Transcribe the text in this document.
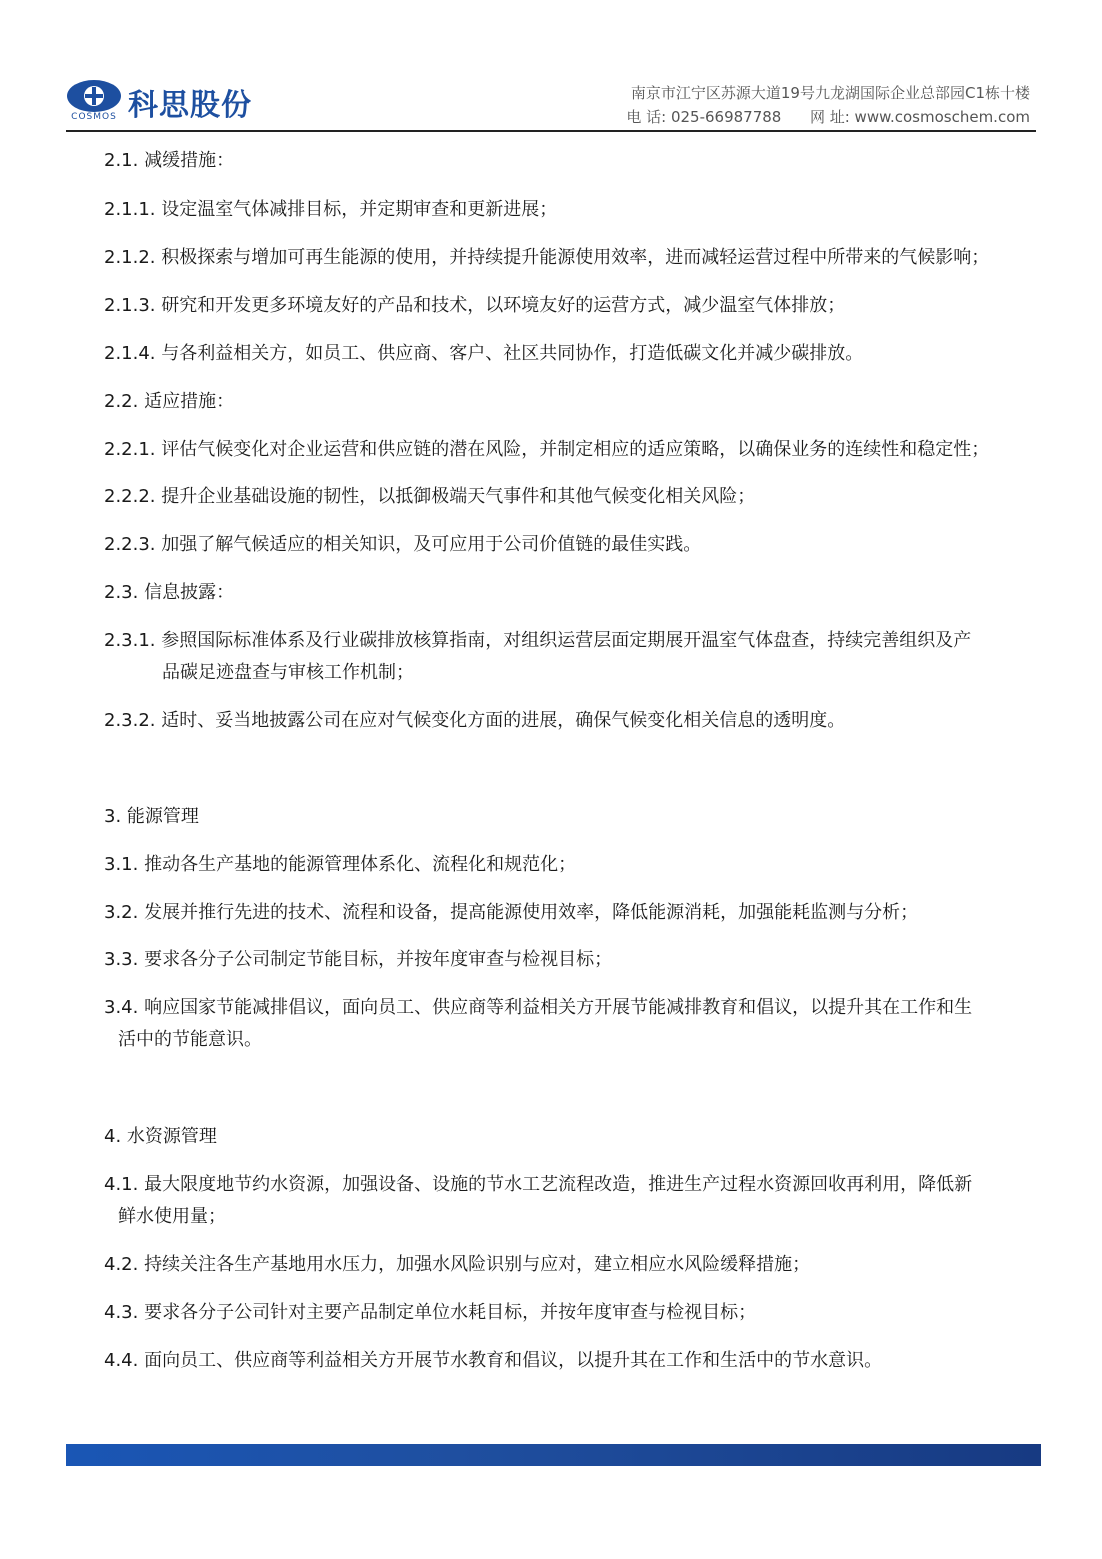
COSMOS 科思股份	南京市江宁区苏源大道19号九龙湖国际企业总部园C1栋十楼
电 话: 025-66987788      网 址: www.cosmoschem.com
2.1. 减缓措施：
2.1.1. 设定温室气体减排目标，并定期审查和更新进展；
2.1.2. 积极探索与增加可再生能源的使用，并持续提升能源使用效率，进而减轻运营过程中所带来的气候影响；
2.1.3. 研究和开发更多环境友好的产品和技术，以环境友好的运营方式，减少温室气体排放；
2.1.4. 与各利益相关方，如员工、供应商、客户、社区共同协作，打造低碳文化并减少碳排放。
2.2. 适应措施：
2.2.1. 评估气候变化对企业运营和供应链的潜在风险，并制定相应的适应策略，以确保业务的连续性和稳定性；
2.2.2. 提升企业基础设施的韧性，以抵御极端天气事件和其他气候变化相关风险；
2.2.3. 加强了解气候适应的相关知识，及可应用于公司价值链的最佳实践。
2.3. 信息披露：
2.3.1. 参照国际标准体系及行业碳排放核算指南，对组织运营层面定期展开温室气体盘查，持续完善组织及产
品碳足迹盘查与审核工作机制；
2.3.2. 适时、妥当地披露公司在应对气候变化方面的进展，确保气候变化相关信息的透明度。
3. 能源管理
3.1. 推动各生产基地的能源管理体系化、流程化和规范化；
3.2. 发展并推行先进的技术、流程和设备，提高能源使用效率，降低能源消耗，加强能耗监测与分析；
3.3. 要求各分子公司制定节能目标，并按年度审查与检视目标；
3.4. 响应国家节能减排倡议，面向员工、供应商等利益相关方开展节能减排教育和倡议，以提升其在工作和生
活中的节能意识。
4. 水资源管理
4.1. 最大限度地节约水资源，加强设备、设施的节水工艺流程改造，推进生产过程水资源回收再利用，降低新
鲜水使用量；
4.2. 持续关注各生产基地用水压力，加强水风险识别与应对，建立相应水风险缓释措施；
4.3. 要求各分子公司针对主要产品制定单位水耗目标，并按年度审查与检视目标；
4.4. 面向员工、供应商等利益相关方开展节水教育和倡议，以提升其在工作和生活中的节水意识。
